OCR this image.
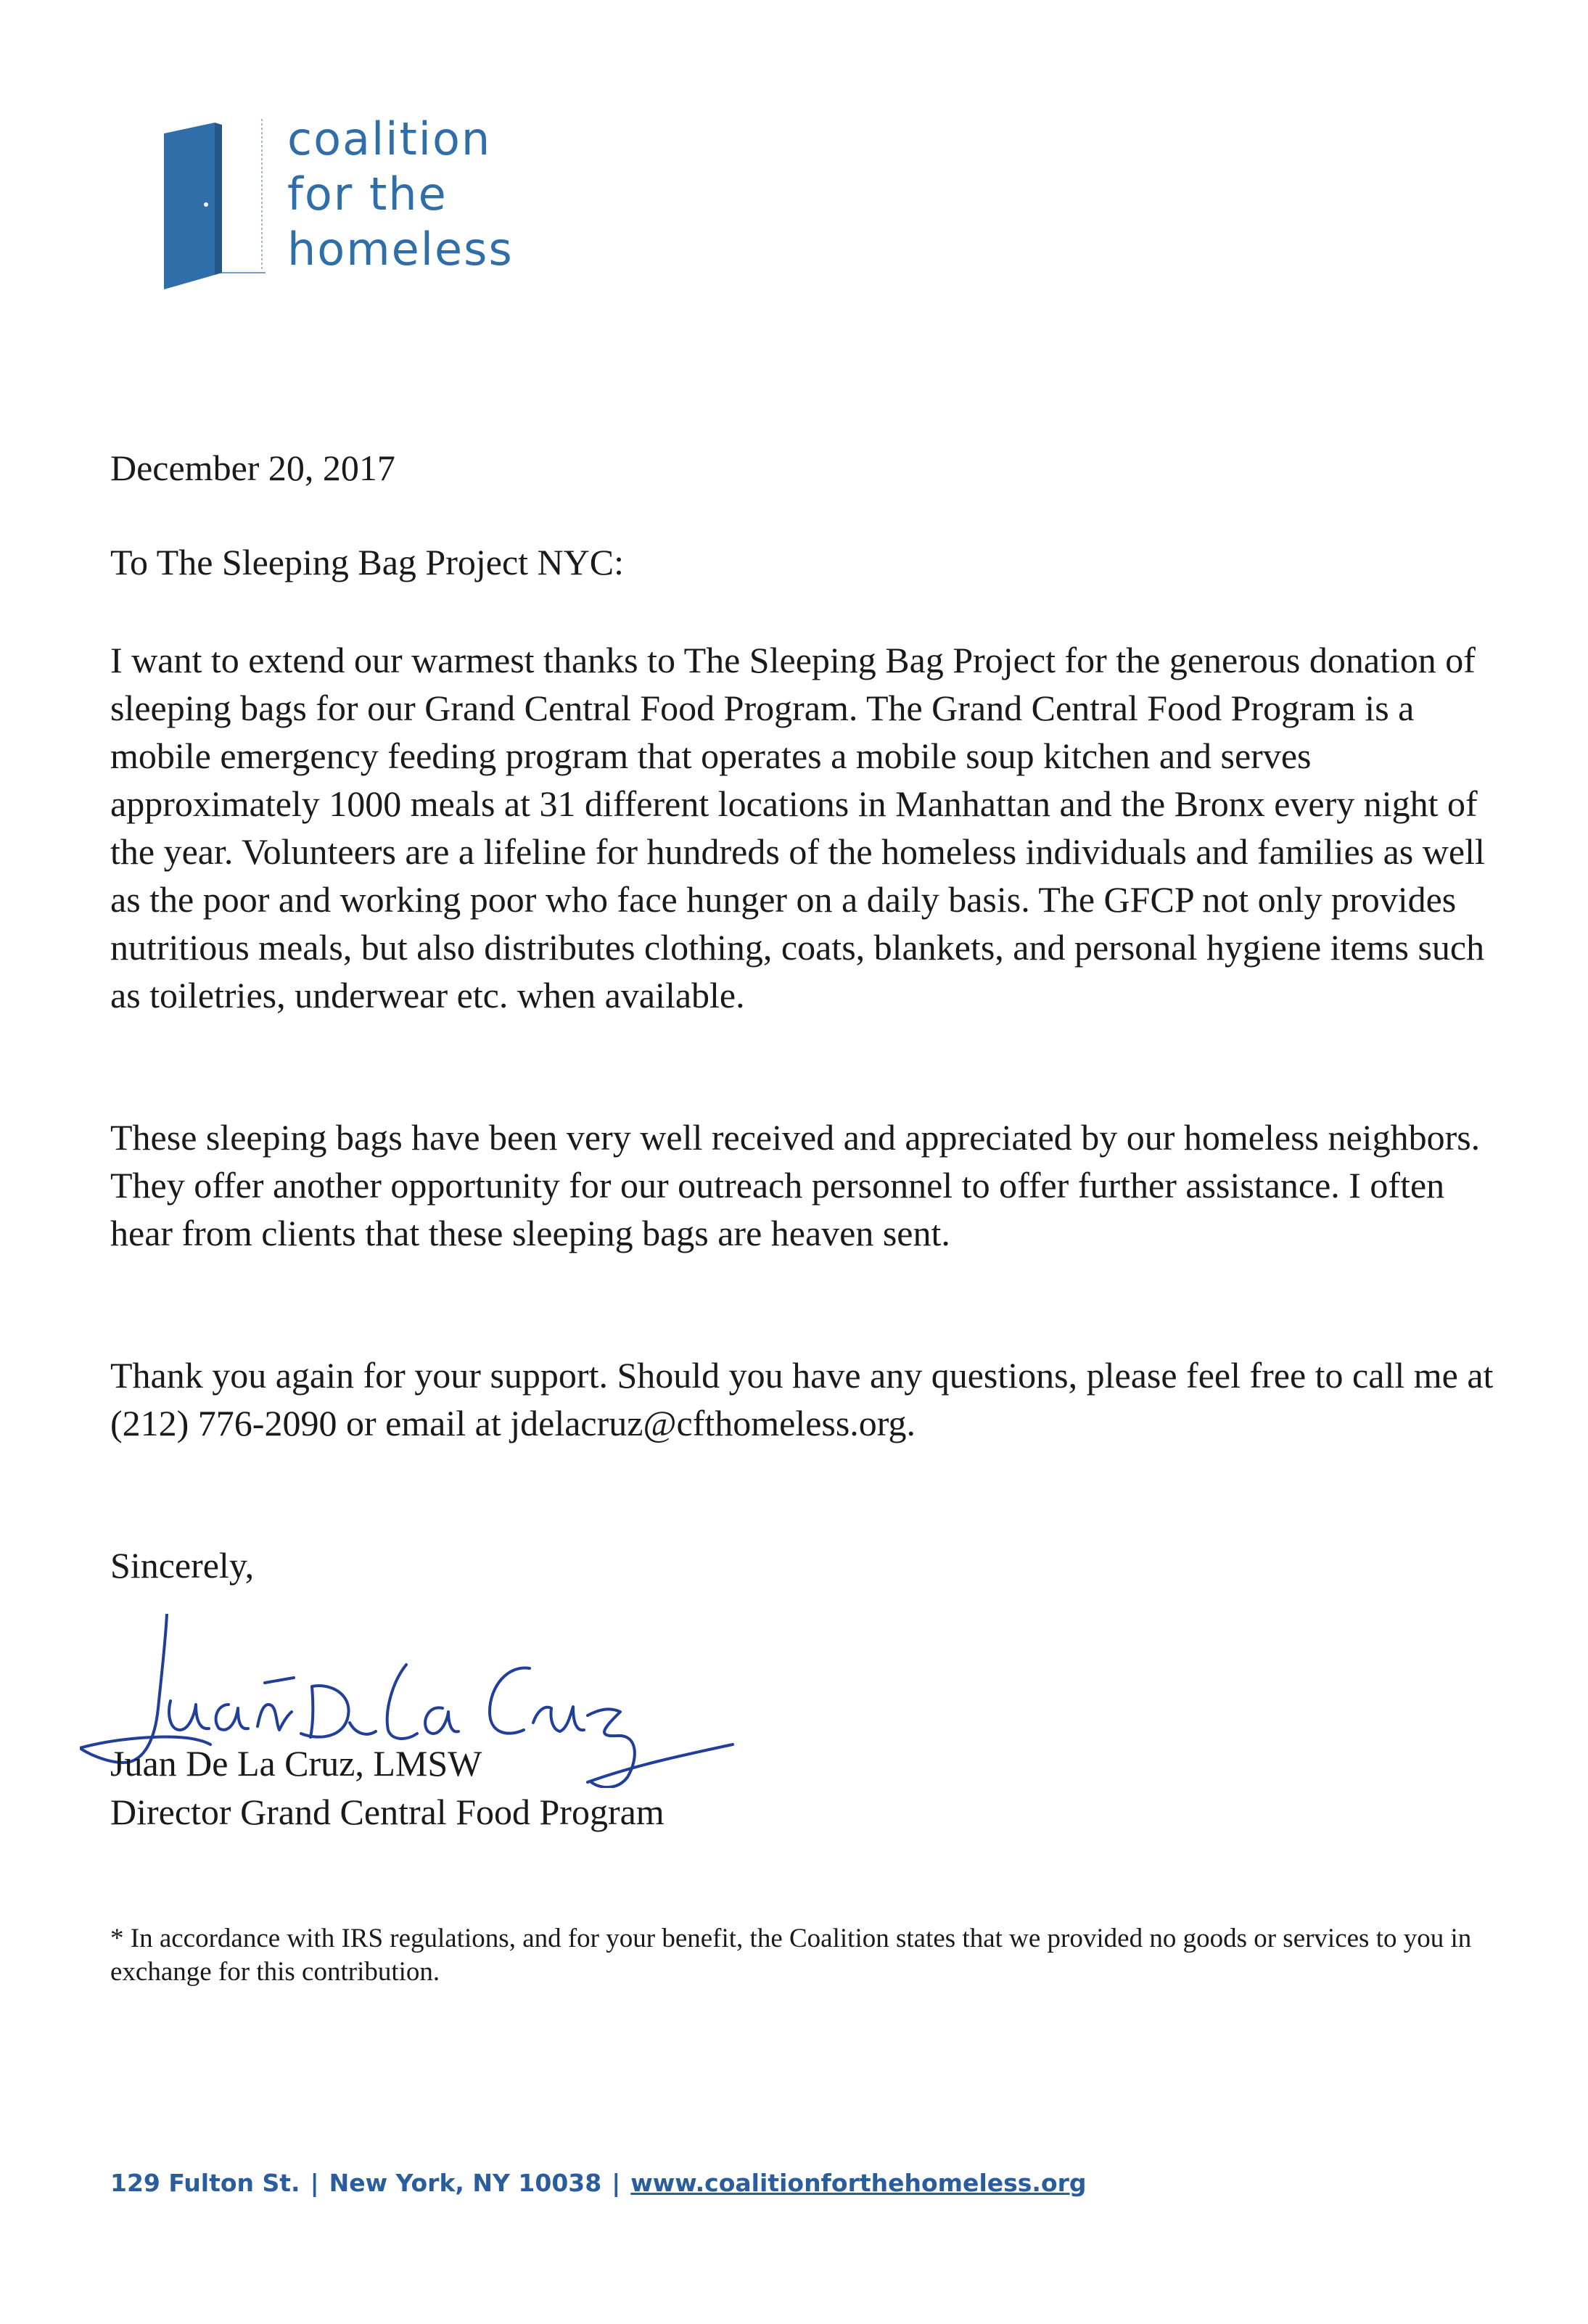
coalition
for the
homeless

December 20, 2017

To The Sleeping Bag Project NYC:

I want to extend our warmest thanks to The Sleeping Bag Project for the generous donation of sleeping bags for our Grand Central Food Program. The Grand Central Food Program is a mobile emergency feeding program that operates a mobile soup kitchen and serves approximately 1000 meals at 31 different locations in Manhattan and the Bronx every night of the year. Volunteers are a lifeline for hundreds of the homeless individuals and families as well as the poor and working poor who face hunger on a daily basis. The GFCP not only provides nutritious meals, but also distributes clothing, coats, blankets, and personal hygiene items such as toiletries, underwear etc. when available.

These sleeping bags have been very well received and appreciated by our homeless neighbors. They offer another opportunity for our outreach personnel to offer further assistance. I often hear from clients that these sleeping bags are heaven sent.

Thank you again for your support. Should you have any questions, please feel free to call me at (212) 776-2090 or email at jdelacruz@cfthomeless.org.

Sincerely,

Juan De La Cruz, LMSW

Director Grand Central Food Program

* In accordance with IRS regulations, and for your benefit, the Coalition states that we provided no goods or services to you in exchange for this contribution.

129 Fulton St. | New York, NY 10038 | www.coalitionforthehomeless.org
